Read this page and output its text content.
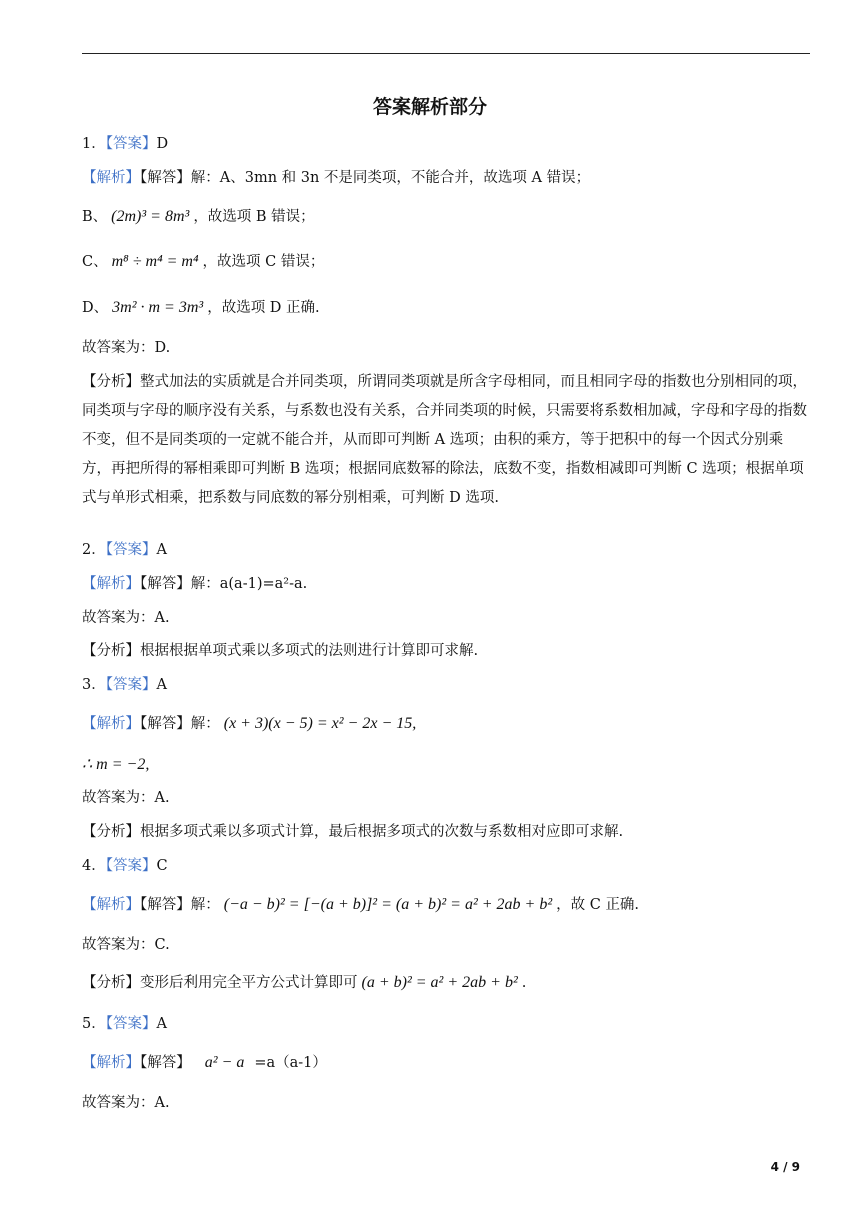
答案解析部分
1．【答案】D
【解析】【解答】解：A、3mn 和 3n 不是同类项，不能合并，故选项 A 错误；
B、 (2m)³ = 8m³ ，故选项 B 错误；
C、 m⁸ ÷ m⁴ = m⁴ ，故选项 C 错误；
D、 3m² · m = 3m³ ，故选项 D 正确.
故答案为：D.
【分析】整式加法的实质就是合并同类项，所谓同类项就是所含字母相同，而且相同字母的指数也分别相同的项，同类项与字母的顺序没有关系，与系数也没有关系，合并同类项的时候，只需要将系数相加减，字母和字母的指数不变，但不是同类项的一定就不能合并，从而即可判断 A 选项；由积的乘方，等于把积中的每一个因式分别乘方，再把所得的幂相乘即可判断 B 选项；根据同底数幂的除法，底数不变，指数相减即可判断 C 选项；根据单项式与单形式相乘，把系数与同底数的幂分别相乘，可判断 D 选项.
2．【答案】A
【解析】【解答】解：a(a-1)=a²-a.
故答案为：A.
【分析】根据根据单项式乘以多项式的法则进行计算即可求解.
3．【答案】A
【解析】【解答】解： (x + 3)(x − 5) = x² − 2x − 15,
∴ m = −2,
故答案为：A.
【分析】根据多项式乘以多项式计算，最后根据多项式的次数与系数相对应即可求解.
4．【答案】C
【解析】【解答】解： (−a − b)² = [−(a + b)]² = (a + b)² = a² + 2ab + b² ，故 C 正确.
故答案为：C.
【分析】变形后利用完全平方公式计算即可 (a + b)² = a² + 2ab + b² .
5．【答案】A
【解析】【解答】 a² − a =a（a-1）
故答案为：A.
4 / 9
